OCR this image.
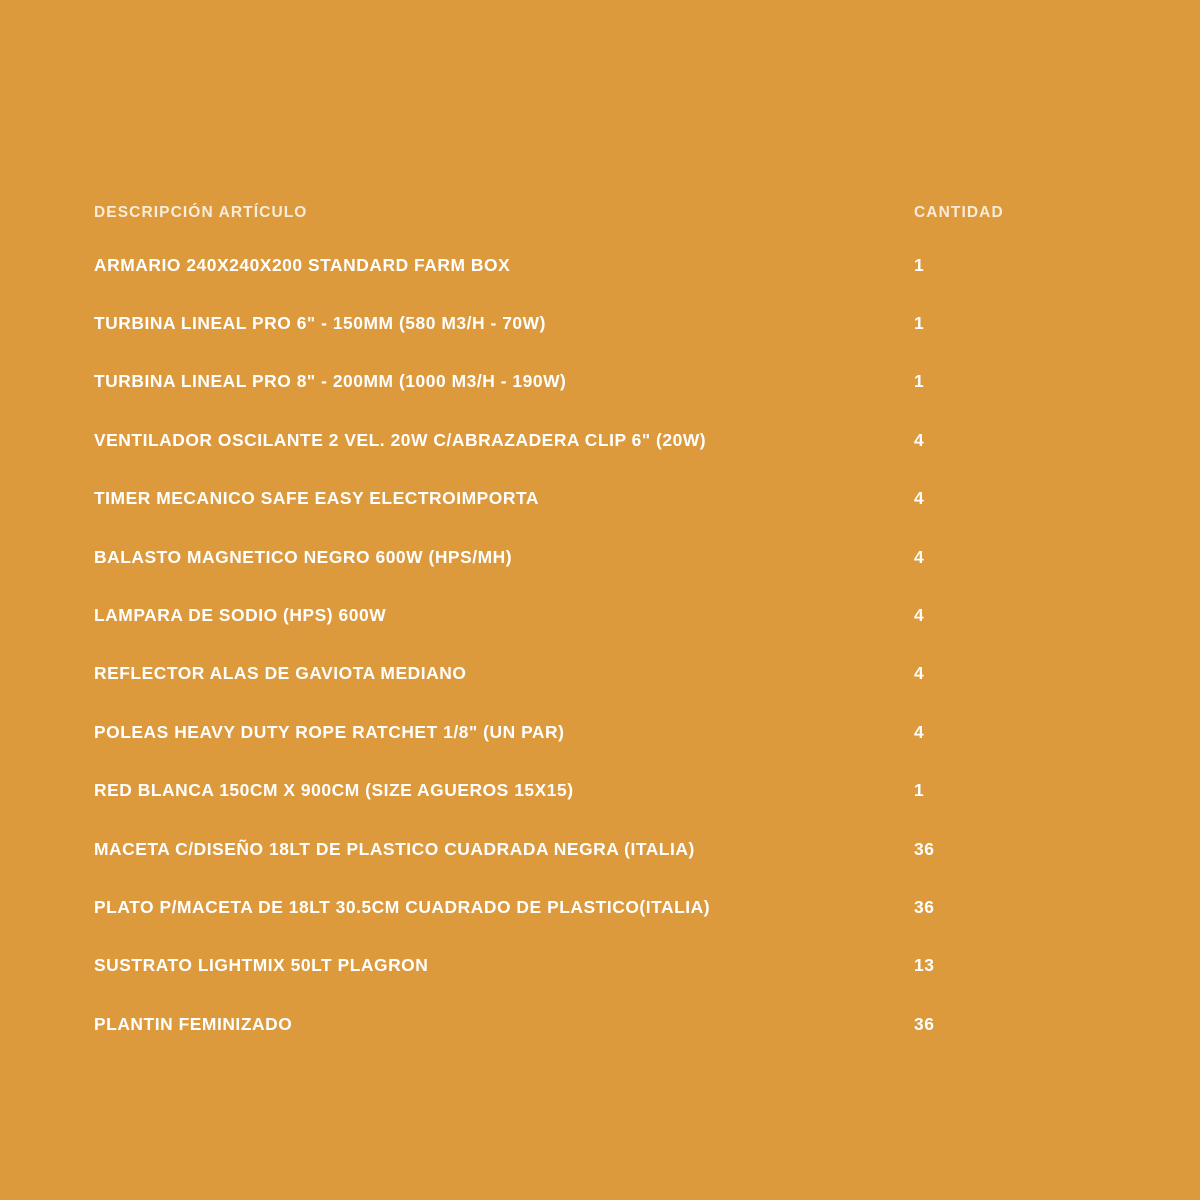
DESCRIPCIÓN ARTÍCULO	CANTIDAD
ARMARIO 240X240X200 STANDARD FARM BOX	1
TURBINA LINEAL PRO 6" - 150MM (580 M3/H - 70W)	1
TURBINA LINEAL PRO 8" - 200MM (1000 M3/H - 190W)	1
VENTILADOR OSCILANTE 2 VEL. 20W C/ABRAZADERA CLIP 6" (20W)	4
TIMER MECANICO SAFE EASY ELECTROIMPORTA	4
BALASTO MAGNETICO NEGRO 600W (HPS/MH)	4
LAMPARA DE SODIO (HPS) 600W	4
REFLECTOR ALAS DE GAVIOTA MEDIANO	4
POLEAS HEAVY DUTY ROPE RATCHET 1/8" (UN PAR)	4
RED BLANCA 150CM X 900CM (SIZE AGUEROS 15X15)	1
MACETA C/DISEÑO 18LT DE PLASTICO CUADRADA NEGRA (ITALIA)	36
PLATO P/MACETA DE 18LT 30.5CM CUADRADO DE PLASTICO(ITALIA)	36
SUSTRATO LIGHTMIX 50LT PLAGRON	13
PLANTIN FEMINIZADO	36
